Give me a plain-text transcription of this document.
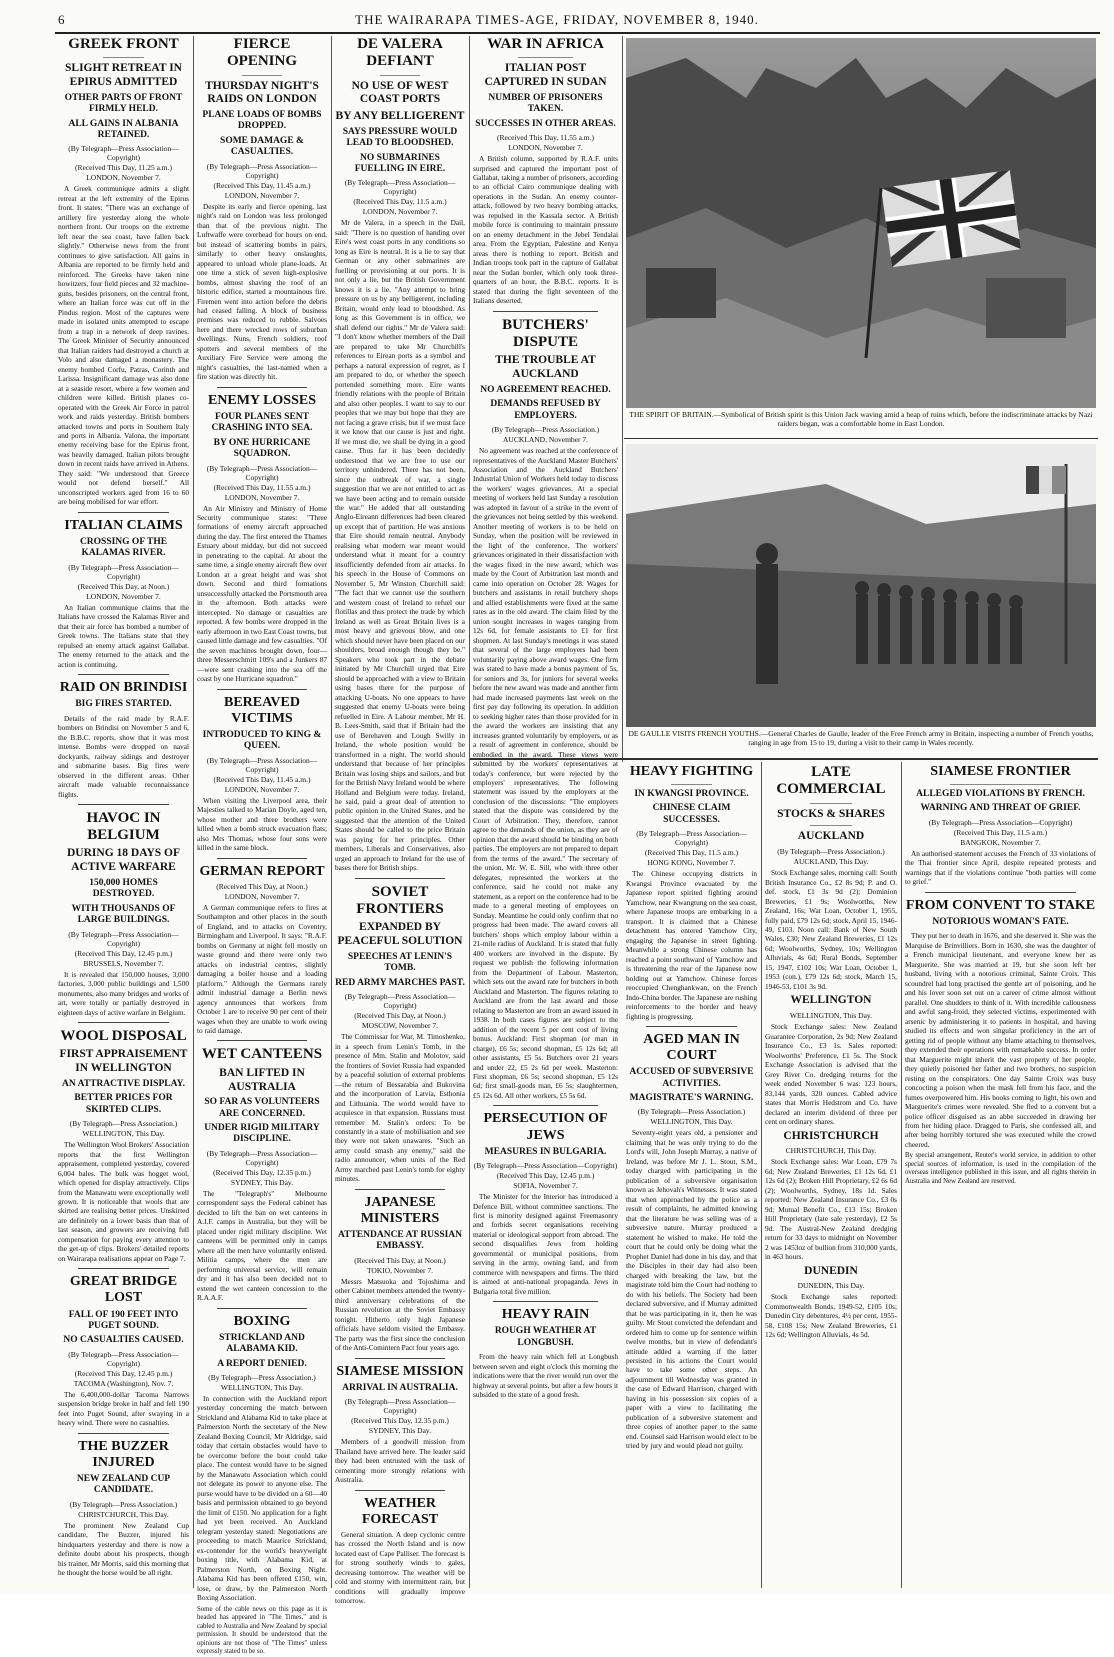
6	THE WAIRARAPA TIMES-AGE, FRIDAY, NOVEMBER 8, 1940.
GREEK FRONT
SLIGHT RETREAT IN EPIRUS ADMITTED
OTHER PARTS OF FRONT FIRMLY HELD.
ALL GAINS IN ALBANIA RETAINED.
(By Telegraph—Press Association—Copyright)
(Received This Day, 11.25 a.m.)
LONDON, November 7.
A Greek communique admits a slight retreat at the left extremity of the Epirus front. It states: "There was an exchange of artillery fire yesterday along the whole northern front. Our troops on the extreme left near the sea coast, have fallen back slightly." Otherwise news from the front continues to give satisfaction. All gains in Albania are reported to be firmly held and reinforced. The Greeks have taken nine howitzers, four field pieces and 32 machine-guns, besides prisoners, on the central front, where an Italian force was cut off in the Pindus region. Most of the captures were made in isolated units attempted to escape from a trap in a network of deep ravines. The Greek Minister of Security announced that Italian raiders had destroyed a church at Volo and also damaged a monastery. The enemy bombed Corfu, Patras, Corinth and Larissa. Insignificant damage was also done at a seaside resort, where a few women and children were killed. British planes co-operated with the Greek Air Force in patrol work and raids yesterday. British bombers attacked towns and ports in Southern Italy and ports in Albania. Valona, the important enemy receiving base for the Epirus front, was heavily damaged. Italian pilots brought down in recent raids have arrived in Athens. They said: "We understood that Greece would not defend herself." All unconscripted workers aged from 16 to 60 are being mobilised for war effort.
ITALIAN CLAIMS
CROSSING OF THE KALAMAS RIVER.
(By Telegraph—Press Association—Copyright)
(Received This Day, at Noon.)
LONDON, November 7.
An Italian communique claims that the Italians have crossed the Kalamas River and that their air force has bombed a number of Greek towns. The Italians state that they repulsed an enemy attack against Gallabat. The enemy returned to the attack and the action is continuing.
RAID ON BRINDISI
BIG FIRES STARTED.
Details of the raid made by R.A.F. bombers on Brindisi on November 5 and 6, the B.B.C. reports, show that it was most intense. Bombs were dropped on naval dockyards, railway sidings and destroyer and submarine bases. Big fires were observed in the different areas. Other aircraft made valuable reconnaissance flights.
HAVOC IN BELGIUM
DURING 18 DAYS OF ACTIVE WARFARE
150,000 HOMES DESTROYED.
WITH THOUSANDS OF LARGE BUILDINGS.
(By Telegraph—Press Association—Copyright)
(Received This Day, 12.45 p.m.)
BRUSSELS, November 7.
It is revealed that 150,000 houses, 3,000 factories, 3,000 public buildings and 1,500 monuments, also many bridges and works of art, were totally or partially destroyed in eighteen days of active warfare in Belgium.
WOOL DISPOSAL
FIRST APPRAISEMENT IN WELLINGTON
AN ATTRACTIVE DISPLAY.
BETTER PRICES FOR SKIRTED CLIPS.
(By Telegraph—Press Association.)
WELLINGTON, This Day.
The Wellington Wool Brokers' Association reports that the first Wellington appraisement, completed yesterday, covered 6,004 bales. The bulk was hogget wool, which opened for display attractively. Clips from the Manawatu were exceptionally well grown. It is noticeable that wools that are skirted are realising better prices. Unskirted are definitely on a lower basis than that of last season, and growers are receiving full compensation for paying every attention to the get-up of clips. Brokers' detailed reports on Wairarapa realisations appear on Page 7.
GREAT BRIDGE LOST
FALL OF 190 FEET INTO PUGET SOUND.
NO CASUALTIES CAUSED.
(By Telegraph—Press Association—Copyright)
(Received This Day, 12.45 p.m.)
TACOMA (Washington), Nov. 7.
The 6,400,000-dollar Tacoma Narrows suspension bridge broke in half and fell 190 feet into Puget Sound, after swaying in a heavy wind. There were no casualties.
THE BUZZER INJURED
NEW ZEALAND CUP CANDIDATE.
(By Telegraph—Press Association.)
CHRISTCHURCH, This Day.
The prominent New Zealand Cup candidate, The Buzzer, injured his hindquarters yesterday and there is now a definite doubt about his prospects, though his trainer, Mr Morris, said this morning that he thought the horse would be all right.
FIERCE OPENING
THURSDAY NIGHT'S RAIDS ON LONDON
PLANE LOADS OF BOMBS DROPPED.
SOME DAMAGE & CASUALTIES.
(By Telegraph—Press Association—Copyright)
(Received This Day, 11.45 a.m.)
LONDON, November 7.
Despite its early and fierce opening, last night's raid on London was less prolonged than that of the previous night. The Luftwaffe were overhead for hours on end, but instead of scattering bombs in pairs, similarly to other heavy onslaughts, appeared to unload whole plane-loads. At one time a stick of seven high-explosive bombs, almost shaving the roof of an historic edifice, started a mountainous fire. Firemen went into action before the debris had ceased falling. A block of business premises was reduced to rubble. Salvoes here and there wrecked rows of suburban dwellings. Nuns, French soldiers, roof spotters and several members of the Auxiliary Fire Service were among the night's casualties, the last-named when a fire station was directly hit.
ENEMY LOSSES
FOUR PLANES SENT CRASHING INTO SEA.
BY ONE HURRICANE SQUADRON.
(By Telegraph—Press Association—Copyright)
(Received This Day, 11.55 a.m.)
LONDON, November 7.
An Air Ministry and Ministry of Home Security communique states: "Three formations of enemy aircraft approached during the day. The first entered the Thames Estuary about midday, but did not succeed in penetrating to the capital. At about the same time, a single enemy aircraft flew over London at a great height and was shot down. Second and third formations unsuccessfully attacked the Portsmouth area in the afternoon. Both attacks were intercepted. No damage or casualties are reported. A few bombs were dropped in the early afternoon in two East Coast towns, but caused little damage and few casualties. "Of the seven machines brought down, four—three Messerschmitt 109's and a Junkers 87—were sent crashing into the sea off the coast by one Hurricane squadron."
BEREAVED VICTIMS
INTRODUCED TO KING & QUEEN.
(By Telegraph—Press Association—Copyright)
(Received This Day, 11.45 a.m.)
LONDON, November 7.
When visiting the Liverpool area, their Majesties talked to Marian Doyle, aged ten, whose mother and three brothers were killed when a bomb struck evacuation flats; also Mrs Thomas, whose four sons were killed in the same block.
GERMAN REPORT
(Received This Day, at Noon.)
LONDON, November 7.
A German communique refers to fires at Southampton and other places in the south of England, and to attacks on Coventry, Birmingham and Liverpool. It says: "R.A.F. bombs on Germany at night fell mostly on waste ground and there were only two attacks on industrial centres, slightly damaging a boiler house and a loading platform." Although the Germans rarely admit industrial damage a Berlin news agency announces that workers from October 1 are to receive 90 per cent of their wages when they are unable to work owing to raid damage.
WET CANTEENS
BAN LIFTED IN AUSTRALIA
SO FAR AS VOLUNTEERS ARE CONCERNED.
UNDER RIGID MILITARY DISCIPLINE.
(By Telegraph—Press Association—Copyright)
(Received This Day, 12.35 p.m.)
SYDNEY, This Day.
The "Telegraph's" Melbourne correspondent says the Federal cabinet has decided to lift the ban on wet canteens in A.I.F. camps in Australia, but they will be placed under rigid military discipline. Wet canteens will be permitted only in camps where all the men have voluntarily enlisted. Militia camps, where the men are performing universal service, will remain dry and it has also been decided not to extend the wet canteen concession to the R.A.A.F.
BOXING
STRICKLAND AND ALABAMA KID.
A REPORT DENIED.
(By Telegraph—Press Association.)
WELLINGTON, This Day.
In connection with the Auckland report yesterday concerning the match between Strickland and Alabama Kid to take place at Palmerston North the secretary of the New Zealand Boxing Council, Mr Aldridge, said today that certain obstacles would have to be overcome before the bout could take place. The contest would have to be signed by the Manawatu Association which could not delegate its power to anyone else. The purse would have to be divided on a 60—40 basis and permission obtained to go beyond the limit of £150. No application for a fight had yet been received. An Auckland telegram yesterday stated: Negotiations are proceeding to match Maurice Strickland, ex-contender for the world's heavyweight boxing title, with Alabama Kid, at Palmerston North, on Boxing Night. Alabama Kid has been offered £150, win, lose, or draw, by the Palmerston North Boxing Association.
Some of the cable news on this page as it is headed has appeared in "The Times," and is cabled to Australia and New Zealand by special permission. It should be understood that the opinions are not those of "The Times" unless expressly stated to be so.
DE VALERA DEFIANT
NO USE OF WEST COAST PORTS
BY ANY BELLIGERENT
SAYS PRESSURE WOULD LEAD TO BLOODSHED.
NO SUBMARINES FUELLING IN EIRE.
(By Telegraph—Press Association—Copyright)
(Received This Day, 11.5 a.m.)
LONDON, November 7.
Mr de Valera, in a speech in the Dail, said: "There is no question of handing over Eire's west coast ports in any conditions so long as Eire is neutral. It is a lie to say that German or any other submarines are fuelling or provisioning at our ports. It is not only a lie, but the British Government knows it is a lie. "Any attempt to bring pressure on us by any belligerent, including Britain, would only lead to bloodshed. As long as this Government is in office, we shall defend our rights." Mr de Valera said: "I don't know whether members of the Dail are prepared to take Mr Churchill's references to Eirean ports as a symbol and perhaps a natural expression of regret, as I am prepared to do, or whether the speech portended something more. Eire wants friendly relations with the people of Britain and also other peoples. I want to say to our peoples that we may but hope that they are not facing a grave crisis, but if we must face it we know that our cause is just and right. If we must die, we shall be dying in a good cause. Thus far it has been decidedly understood that we are free to use our territory unhindered. There has not been, since the outbreak of war, a single suggestion that we are not entitled to act as we have been acting and to remain outside the war." He added that all outstanding Anglo-Eireann differences had been cleared up except that of partition. He was anxious that Eire should remain neutral. Anybody realising what modern war meant would understand what it meant for a country insufficiently defended from air attacks. In his speech in the House of Commons on November 5, Mr Winston Churchill said: "The fact that we cannot use the southern and western coast of Ireland to refuel our flotillas and thus protect the trade by which Ireland as well as Great Britain lives is a most heavy and grievous blow, and one which should never have been placed on our shoulders, broad enough though they be." Speakers who took part in the debate initiated by Mr Churchill urged that Eire should be approached with a view to Britain using bases there for the purpose of attacking U-boats. No one appears to have suggested that enemy U-boats were being refuelled in Eire. A Labour member, Mr H. B. Lees-Smith, said that if Britain had the use of Berehaven and Lough Swilly in Ireland, the whole position would be transformed in a night. The world should understand that because of her principles Britain was losing ships and sailors, and but for the British Navy Ireland would be where Holland and Belgium were today. Ireland, he said, paid a great deal of attention to public opinion in the United States, and he suggested that the attention of the United States should be called to the price Britain was paying for her principles. Other members, Liberals and Conservatives, also urged an approach to Ireland for the use of bases there for British ships.
SOVIET FRONTIERS
EXPANDED BY PEACEFUL SOLUTION
SPEECHES AT LENIN'S TOMB.
RED ARMY MARCHES PAST.
(By Telegraph—Press Association—Copyright)
(Received This Day, at Noon.)
MOSCOW, November 7.
The Commissar for War, M. Timoshenko, in a speech from Lenin's Tomb, in the presence of Mm. Stalin and Molotov, said the frontiers of Soviet Russia had expanded by a peaceful solution of external problems—the return of Bessarabia and Bukovina and the incorporation of Latvia, Esthonia and Lithuania. The world would have to acquiesce in that expansion. Russians must remember M. Stalin's orders: To be constantly in a state of mobilisation and see they were not taken unawares. "Such an army could smash any enemy," said the radio announcer, when units of the Red Army marched past Lenin's tomb for eighty minutes.
JAPANESE MINISTERS
ATTENDANCE AT RUSSIAN EMBASSY.
(Received This Day, at Noon.)
TOKIO, November 7.
Messrs Matsuoka and Tojoshima and other Cabinet members attended the twenty-third anniversary celebrations of the Russian revolution at the Soviet Embassy tonight. Hitherto only high Japanese officials have seldom visited the Embassy. The party was the first since the conclusion of the Anti-Comintern Pact four years ago.
SIAMESE MISSION
ARRIVAL IN AUSTRALIA.
(By Telegraph—Press Association—Copyright)
(Received This Day, 12.35 p.m.)
SYDNEY, This Day.
Members of a goodwill mission from Thailand have arrived here. The leader said they had been entrusted with the task of cementing more strongly relations with Australia.
WEATHER FORECAST
General situation. A deep cyclonic centre has crossed the North Island and is now located east of Cape Palliser. The forecast is for strong southerly winds to gales, decreasing tomorrow. The weather will be cold and stormy with intermittent rain, but conditions will gradually improve tomorrow.
WAR IN AFRICA
ITALIAN POST CAPTURED IN SUDAN
NUMBER OF PRISONERS TAKEN.
SUCCESSES IN OTHER AREAS.
(Received This Day, 11.55 a.m.)
LONDON, November 7.
A British column, supported by R.A.F. units surprised and captured the important post of Gallabat, taking a number of prisoners, according to an official Cairo communique dealing with operations in the Sudan. An enemy counter-attack, followed by two heavy bombing attacks, was repulsed in the Kassala sector. A British mobile force is continuing to maintain pressure on an enemy detachment in the Jebel Tendalai area. From the Egyptian, Palestine and Kenya areas there is nothing to report. British and Indian troops took part in the capture of Gallabat near the Sudan border, which only took three-quarters of an hour, the B.B.C. reports. It is stated that during the fight seventeen of the Italians deserted.
BUTCHERS' DISPUTE
THE TROUBLE AT AUCKLAND
NO AGREEMENT REACHED.
DEMANDS REFUSED BY EMPLOYERS.
(By Telegraph—Press Association.)
AUCKLAND, November 7.
No agreement was reached at the conference of representatives of the Auckland Master Butchers' Association and the Auckland Butchers' Industrial Union of Workers held today to discuss the workers' wages grievances. At a special meeting of workers held last Sunday a resolution was adopted in favour of a strike in the event of the grievances not being settled by this weekend. Another meeting of workers is to be held on Sunday, when the position will be reviewed in the light of the conference. The workers' grievances originated in their dissatisfaction with the wages fixed in the new award, which was made by the Court of Arbitration last month and came into operation on October 28. Wages for butchers and assistants in retail butchery shops and allied establishments were fixed at the same rates as in the old award. The claim filed by the union sought increases in wages ranging from 12s 6d, for female assistants to £1 for first shopmen. At last Sunday's meetings it was stated that several of the large employers had been voluntarily paying above award wages. One firm was stated to have made a bonus payment of 5s, for seniors and 3s, for juniors for several weeks before the new award was made and another firm had made increased payments last week on the first pay day following its operation. In addition to seeking higher rates than those provided for in the award the workers are insisting that any increases granted voluntarily by employers, or as a result of agreement in conference, should be embodied in the award. These views were submitted by the workers' representatives at today's conference, but were rejected by the employers' representatives. The following statement was issued by the employers at the conclusion of the discussions: "The employers stated that the dispute was considered by the Court of Arbitration. They, therefore, cannot agree to the demands of the union, as they are of opinion that the award should be binding on both parties. The employers are not prepared to depart from the terms of the award." The secretary of the union, Mr. W. E. Sill, who with three other delegates, represented the workers at the conference, said he could not make any statement, as a report on the conference had to be made to a general meeting of employees on Sunday. Meantime he could only confirm that no progress had been made. The award covers all butchers' shops which employ labour within a 21-mile radius of Auckland. It is stated that fully 400 workers are involved in the dispute. By request we publish the following information from the Department of Labour. Masterton, which sets out the award rate for butchers in both Auckland and Masterton. The figures relating to Auckland are from the last award and those relating to Masterton are from an award issued in 1938. In both cases figures are subject to the addition of the recent 5 per cent cost of living bonus. Auckland: First shopman (or man in charge), £6 5s; second shopman, £5 12s 6d; all other assistants, £5 5s. Butchers over 21 years and under 22, £5 2s 6d per week. Masterton: First shopman, £6 5s; second shopman, £5 12s 6d; first small-goods man, £6 5s; slaughtermen, £5 12s 6d. All other workers, £5 5s 6d.
PERSECUTION OF JEWS
MEASURES IN BULGARIA.
(By Telegraph—Press Association—Copyright)
(Received This Day, 12.45 p.m.)
SOFIA, November 7.
The Minister for the Interior has introduced a Defence Bill, without committee sanctions. The first is minority designed against Freemasonry and forbids secret organisations receiving material or ideological support from abroad. The second disqualifies Jews from holding governmental or municipal positions, from serving in the army, owning land, and from commerce with newspapers and firms. The third is aimed at anti-national propaganda. Jews in Bulgaria total five million.
HEAVY RAIN
ROUGH WEATHER AT LONGBUSH.
From the heavy rain which fell at Longbush between seven and eight o'clock this morning the indications were that the river would run over the highway at several points, but after a few hours it subsided to the state of a good fresh.
THE SPIRIT OF BRITAIN.—Symbolical of British spirit is this Union Jack waving amid a heap of ruins which, before the indiscriminate attacks by Nazi raiders began, was a comfortable home in East London.
DE GAULLE VISITS FRENCH YOUTHS.—General Charles de Gaulle, leader of the Free French army in Britain, inspecting a number of French youths, ranging in age from 15 to 19, during a visit to their camp in Wales recently.
HEAVY FIGHTING
IN KWANGSI PROVINCE.
CHINESE CLAIM SUCCESSES.
(By Telegraph—Press Association—Copyright)
(Received This Day, 11.5 a.m.)
HONG KONG, November 7.
The Chinese occupying districts in Kwangsi Province evacuated by the Japanese report spirited fighting around Yamchow, near Kwangtung on the sea coast, where Japanese troops are embarking in a transport. It is claimed that a Chinese detachment has entered Yamchow City, engaging the Japanese in street fighting. Meanwhile a strong Chinese column has reached a point southward of Yamchow and is threatening the rear of the Japanese now holding out at Yamchow. Chinese forces reoccupied Chenghankwan, on the French Indo-China border. The Japanese are rushing reinforcements to the border and heavy fighting is progressing.
AGED MAN IN COURT
ACCUSED OF SUBVERSIVE ACTIVITIES.
MAGISTRATE'S WARNING.
(By Telegraph—Press Association.)
WELLINGTON, This Day.
Seventy-eight years old, a pensioner and claiming that he was only trying to do the Lord's will, John Joseph Murray, a native of Ireland, was before Mr J. L. Stout, S.M., today charged with participating in the publication of a subversive organisation known as Jehovah's Witnesses. It was stated that when approached by the police as a result of complaints, he admitted knowing that the literature he was selling was of a subversive nature. Murray produced a statement he wished to make. He told the court that he could only be doing what the Prophet Daniel had done in his day, and that the Disciples in their day had also been charged with breaking the law, but the magistrate told him the Court had nothing to do with his beliefs. The Society had been declared subversive, and if Murray admitted that he was participating in it, then he was guilty. Mr Stout convicted the defendant and ordered him to come up for sentence within twelve months, but in view of defendant's attitude added a warning if the latter persisted in his actions the Court would have to take some other steps. An adjournment till Wednesday was granted in the case of Edward Harrison, charged with having in his possession six copies of a paper with a view to facilitating the publication of a subversive statement and three copies of another paper to the same end. Counsel said Harrison would elect to be tried by jury and would plead not guilty.
LATE COMMERCIAL
STOCKS & SHARES
AUCKLAND
(By Telegraph—Press Association.)
AUCKLAND, This Day.
Stock Exchange sales, morning call: South British Insurance Co., £2 8s 9d; P. and O. def. stock, £1 3s 9d (2); Dominion Breweries, £1 9s; Woolworths, New Zealand, 16s; War Loan, October 1, 1955, fully paid, £79 12s 6d; stock, April 15, 1946-49, £103. Noon call: Bank of New South Wales, £30; New Zealand Breweries, £1 12s 6d; Woolworths, Sydney, 10s; Wellington Alluvials, 4s 6d; Rural Bonds, September 15, 1947, £102 10s; War Loan, October 1, 1953 (con.), £79 12s 6d; stock, March 15, 1946-53, £101 3s 9d.
WELLINGTON
WELLINGTON, This Day.
Stock Exchange sales: New Zealand Guarantee Corporation, 2s 9d; New Zealand Insurance Co., £3 1s. Sales reported: Woolworths' Preference, £1 5s. The Stock Exchange Association is advised that the Grey River Co. dredging returns for the week ended November 6 was: 123 hours, 83,144 yards, 320 ounces. Cabled advice states that Morris Hedstrom and Co. have declared an interim dividend of three per cent on ordinary shares.
CHRISTCHURCH
CHRISTCHURCH, This Day.
Stock Exchange sales: War Loan, £79 7s 6d; New Zealand Breweries, £1 12s 6d, £1 12s 6d (2); Broken Hill Proprietary, £2 6s 6d (2); Woolworths, Sydney, 18s 1d. Sales reported: New Zealand Insurance Co., £3 0s 9d; Mutual Benefit Co., £13 15s; Broken Hill Proprietary (late sale yesterday), £2 5s 9d. The Austral-New Zealand dredging return for 33 days to midnight on November 2 was 1453oz of bullion from 310,000 yards, in 463 hours.
DUNEDIN
DUNEDIN, This Day.
Stock Exchange sales reported: Commonwealth Bonds, 1949-52, £105 10s; Dunedin City debentures, 4½ per cent, 1955-58, £108 15s; New Zealand Breweries, £1 12s 6d; Wellington Alluvials, 4s 5d.
SIAMESE FRONTIER
ALLEGED VIOLATIONS BY FRENCH.
WARNING AND THREAT OF GRIEF.
(By Telegraph—Press Association—Copyright)
(Received This Day, 11.5 a.m.)
BANGKOK, November 7.
An authorised statement accuses the French of 33 violations of the Thai frontier since April, despite repeated protests and warnings that if the violations continue "both parties will come to grief."
FROM CONVENT TO STAKE
NOTORIOUS WOMAN'S FATE.
They put her to death in 1676, and she deserved it. She was the Marquise de Brinvilliers. Born in 1630, she was the daughter of a French municipal lieutenant, and everyone knew her as Marguerite. She was married at 19, but she soon left her husband, living with a notorious criminal, Sainte Croix. This scoundrel had long practised the gentle art of poisoning, and he and his lover soon set out on a career of crime almost without parallel. One shudders to think of it. With incredible callousness and awful sang-froid, they selected victims, experimented with arsenic by administering it to patients in hospital, and having studied its effects and won singular proficiency in the art of getting rid of people without any blame attaching to themselves, they extended their operations with remarkable success. In order that Marguerite might inherit the vast property of her people, they quietly poisoned her father and two brothers, no suspicion resting on the conspirators. One day Sainte Croix was busy concocting a poison when the mask fell from his face, and the fumes overpowered him. His books coming to light, his own and Marguerite's crimes were revealed. She fled to a convent but a police officer disguised as an abbe succeeded in drawing her from her hiding place. Dragged to Paris, she confessed all, and after being horribly tortured she was executed while the crowd cheered.
By special arrangement, Reuter's world service, in addition to other special sources of information, is used in the compilation of the overseas intelligence published in this issue, and all rights therein in Australia and New Zealand are reserved.
